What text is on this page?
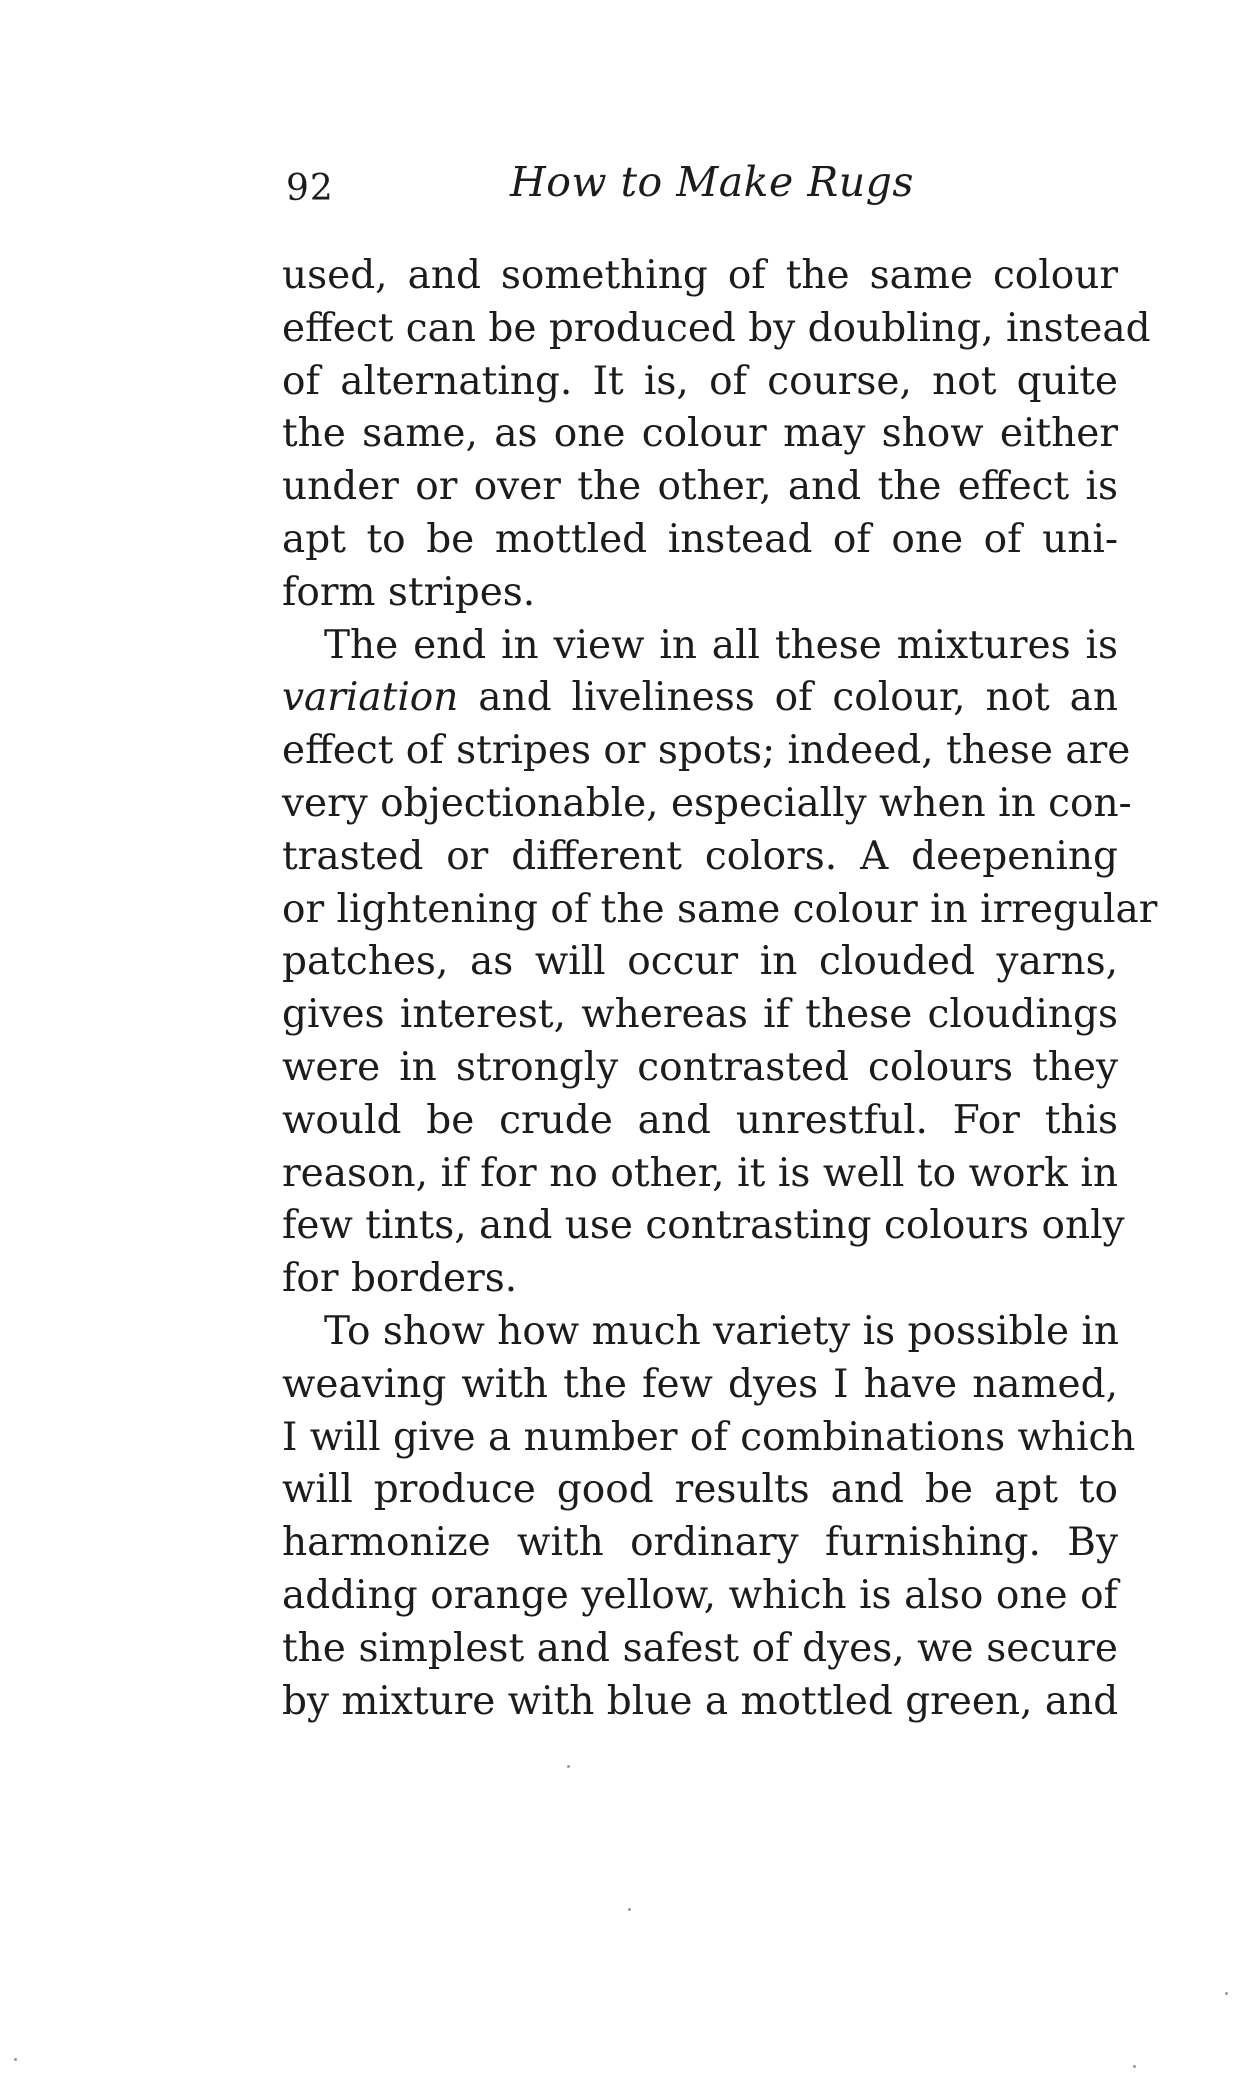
92	How to Make Rugs
used, and something of the same colour
effect can be produced by doubling, instead
of alternating. It is, of course, not quite
the same, as one colour may show either
under or over the other, and the effect is
apt to be mottled instead of one of uni-
form stripes.
The end in view in all these mixtures is
variation and liveliness of colour, not an
effect of stripes or spots; indeed, these are
very objectionable, especially when in con-
trasted or different colors. A deepening
or lightening of the same colour in irregular
patches, as will occur in clouded yarns,
gives interest, whereas if these cloudings
were in strongly contrasted colours they
would be crude and unrestful. For this
reason, if for no other, it is well to work in
few tints, and use contrasting colours only
for borders.
To show how much variety is possible in
weaving with the few dyes I have named,
I will give a number of combinations which
will produce good results and be apt to
harmonize with ordinary furnishing. By
adding orange yellow, which is also one of
the simplest and safest of dyes, we secure
by mixture with blue a mottled green, and
